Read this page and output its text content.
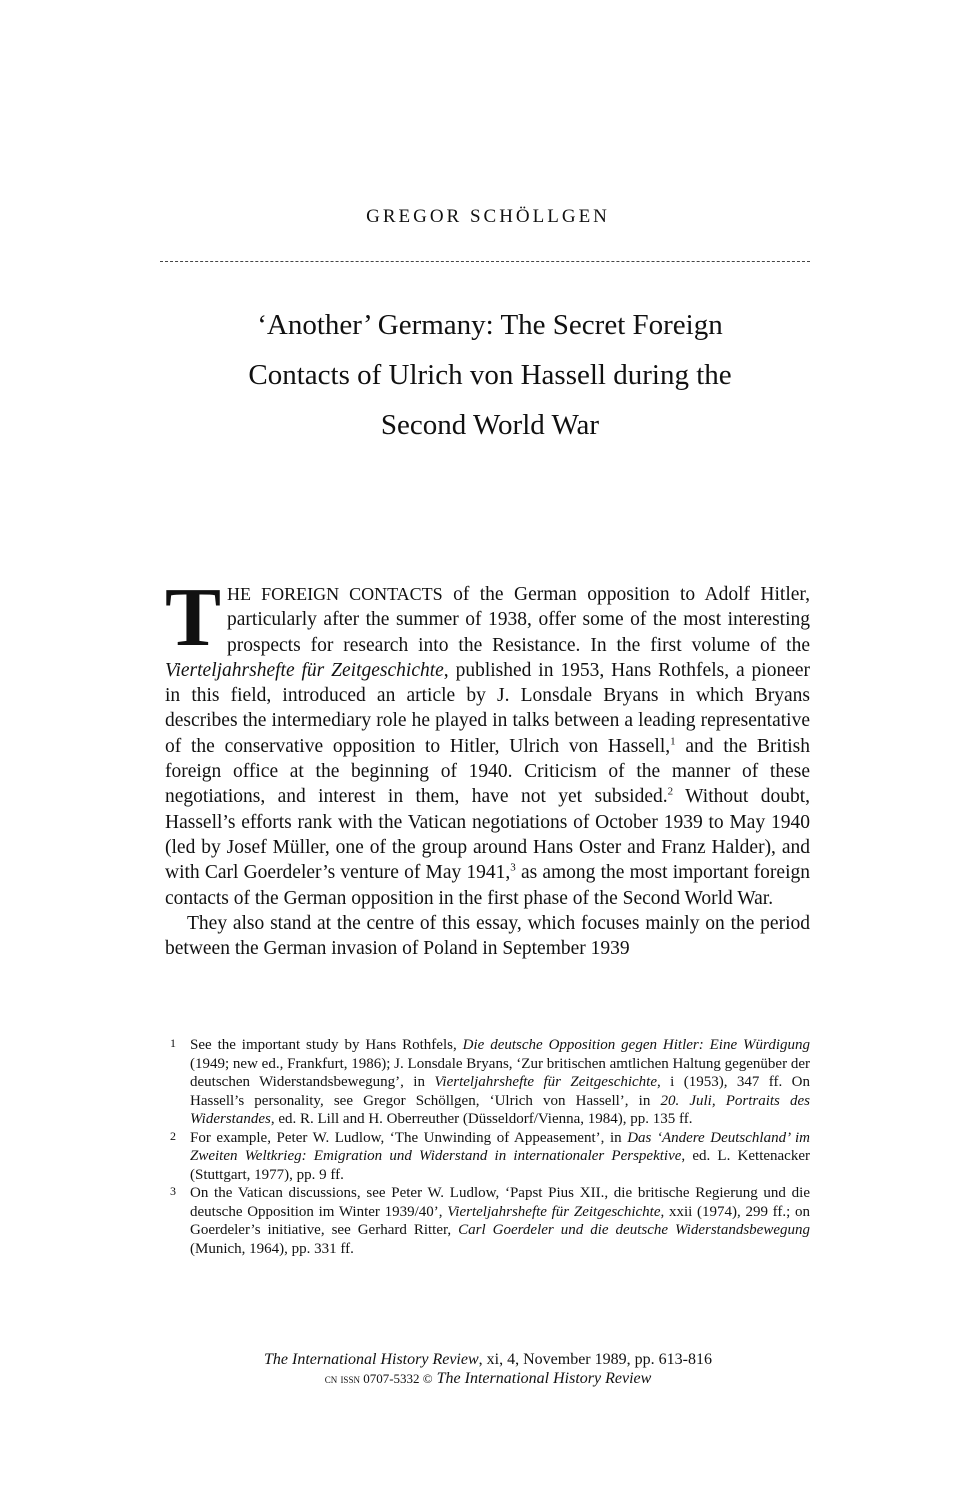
GREGOR SCHÖLLGEN
‘Another’ Germany: The Secret Foreign
Contacts of Ulrich von Hassell during the
Second World War

THE FOREIGN CONTACTS of the German opposition to Adolf Hitler, particularly after the summer of 1938, offer some of the most interesting prospects for research into the Resistance. In the first volume of the Vierteljahrshefte für Zeitgeschichte, published in 1953, Hans Rothfels, a pioneer in this field, introduced an article by J. Lonsdale Bryans in which Bryans describes the intermediary role he played in talks between a leading representative of the conservative opposition to Hitler, Ulrich von Hassell,$^1$ and the British foreign office at the beginning of 1940. Criticism of the manner of these negotiations, and interest in them, have not yet subsided.$^2$ Without doubt, Hassell’s efforts rank with the Vatican negotiations of October 1939 to May 1940 (led by Josef Müller, one of the group around Hans Oster and Franz Halder), and with Carl Goerdeler’s venture of May 1941,$^3$ as among the most important foreign contacts of the German opposition in the first phase of the Second World War.

They also stand at the centre of this essay, which focuses mainly on the period between the German invasion of Poland in September 1939

1 See the important study by Hans Rothfels, Die deutsche Opposition gegen Hitler: Eine Würdigung (1949; new ed., Frankfurt, 1986); J. Lonsdale Bryans, ‘Zur britischen amtlichen Haltung gegenüber der deutschen Widerstandsbewegung’, in Vierteljahrshefte für Zeitgeschichte, i (1953), 347 ff. On Hassell’s personality, see Gregor Schöllgen, ‘Ulrich von Hassell’, in 20. Juli, Portraits des Widerstandes, ed. R. Lill and H. Oberreuther (Düsseldorf/Vienna, 1984), pp. 135 ff.
2 For example, Peter W. Ludlow, ‘The Unwinding of Appeasement’, in Das ‘Andere Deutschland’ im Zweiten Weltkrieg: Emigration und Widerstand in internationaler Perspektive, ed. L. Kettenacker (Stuttgart, 1977), pp. 9 ff.
3 On the Vatican discussions, see Peter W. Ludlow, ‘Papst Pius XII., die britische Regierung und die deutsche Opposition im Winter 1939/40’, Vierteljahrshefte für Zeitgeschichte, xxii (1974), 299 ff.; on Goerdeler’s initiative, see Gerhard Ritter, Carl Goerdeler und die deutsche Widerstandsbewegung (Munich, 1964), pp. 331 ff.
The International History Review, xi, 4, November 1989, pp. 613-816
cn issn 0707-5332 © The International History Review
